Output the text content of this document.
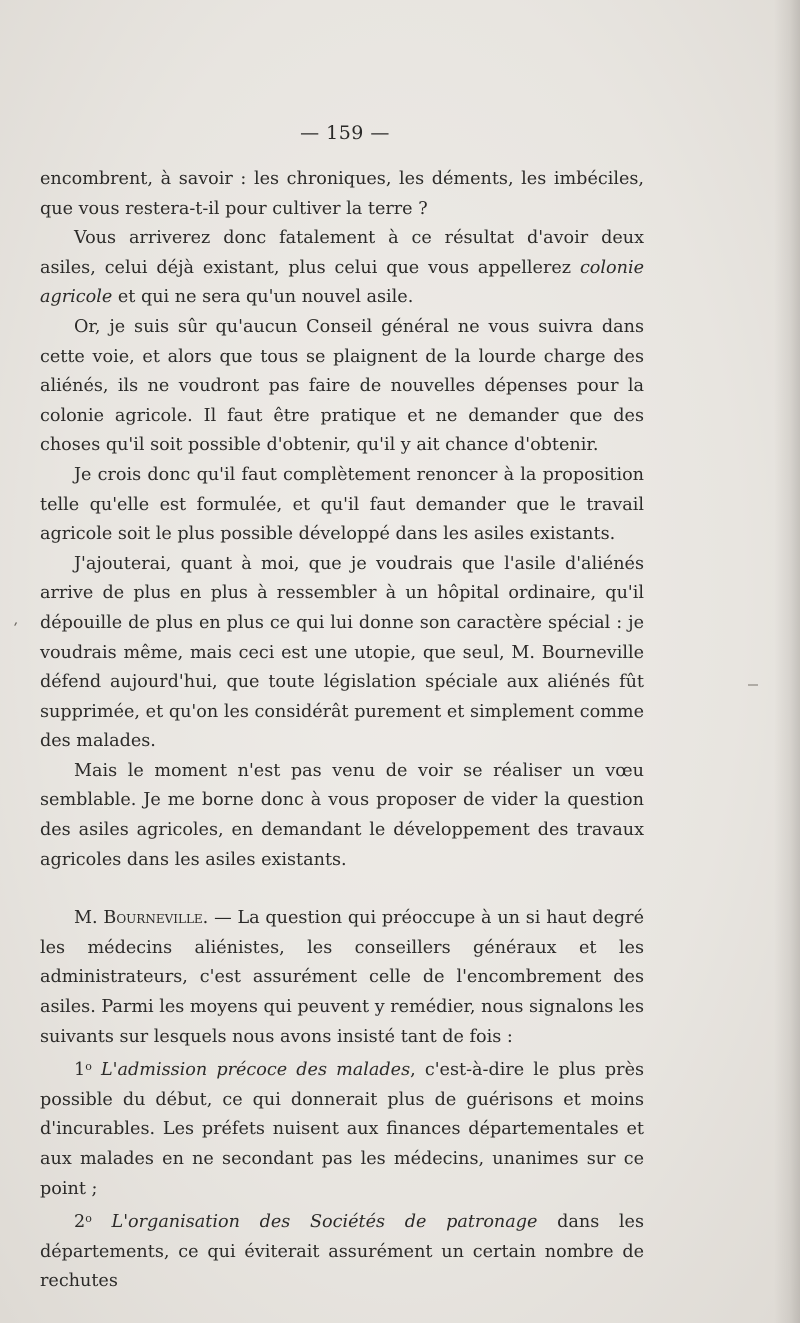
— 159 —
ʹ

encombrent, à savoir : les chroniques, les déments, les imbéciles, que vous restera-t-il pour cultiver la terre ?

Vous arriverez donc fatalement à ce résultat d'avoir deux asiles, celui déjà existant, plus celui que vous appellerez colonie agricole et qui ne sera qu'un nouvel asile.

Or, je suis sûr qu'aucun Conseil général ne vous suivra dans cette voie, et alors que tous se plaignent de la lourde charge des aliénés, ils ne voudront pas faire de nouvelles dépenses pour la colonie agricole. Il faut être pratique et ne demander que des choses qu'il soit possible d'obtenir, qu'il y ait chance d'obtenir.

Je crois donc qu'il faut complètement renoncer à la proposition telle qu'elle est formulée, et qu'il faut demander que le travail agricole soit le plus possible développé dans les asiles existants.

J'ajouterai, quant à moi, que je voudrais que l'asile d'aliénés arrive de plus en plus à ressembler à un hôpital ordinaire, qu'il dépouille de plus en plus ce qui lui donne son caractère spécial : je voudrais même, mais ceci est une utopie, que seul, M. Bourneville défend aujourd'hui, que toute législation spéciale aux aliénés fût supprimée, et qu'on les considérât purement et simplement comme des malades.

Mais le moment n'est pas venu de voir se réaliser un vœu semblable. Je me borne donc à vous proposer de vider la question des asiles agricoles, en demandant le développement des travaux agricoles dans les asiles existants.

M. Bourneville. — La question qui préoccupe à un si haut degré les médecins aliénistes, les conseillers généraux et les administrateurs, c'est assurément celle de l'encombrement des asiles. Parmi les moyens qui peuvent y remédier, nous signalons les suivants sur lesquels nous avons insisté tant de fois :

1$^o$ L'admission précoce des malades, c'est-à-dire le plus près possible du début, ce qui donnerait plus de guérisons et moins d'incurables. Les préfets nuisent aux finances départementales et aux malades en ne secondant pas les médecins, unanimes sur ce point ;

2$^o$ L'organisation des Sociétés de patronage dans les départements, ce qui éviterait assurément un certain nombre de rechutes
